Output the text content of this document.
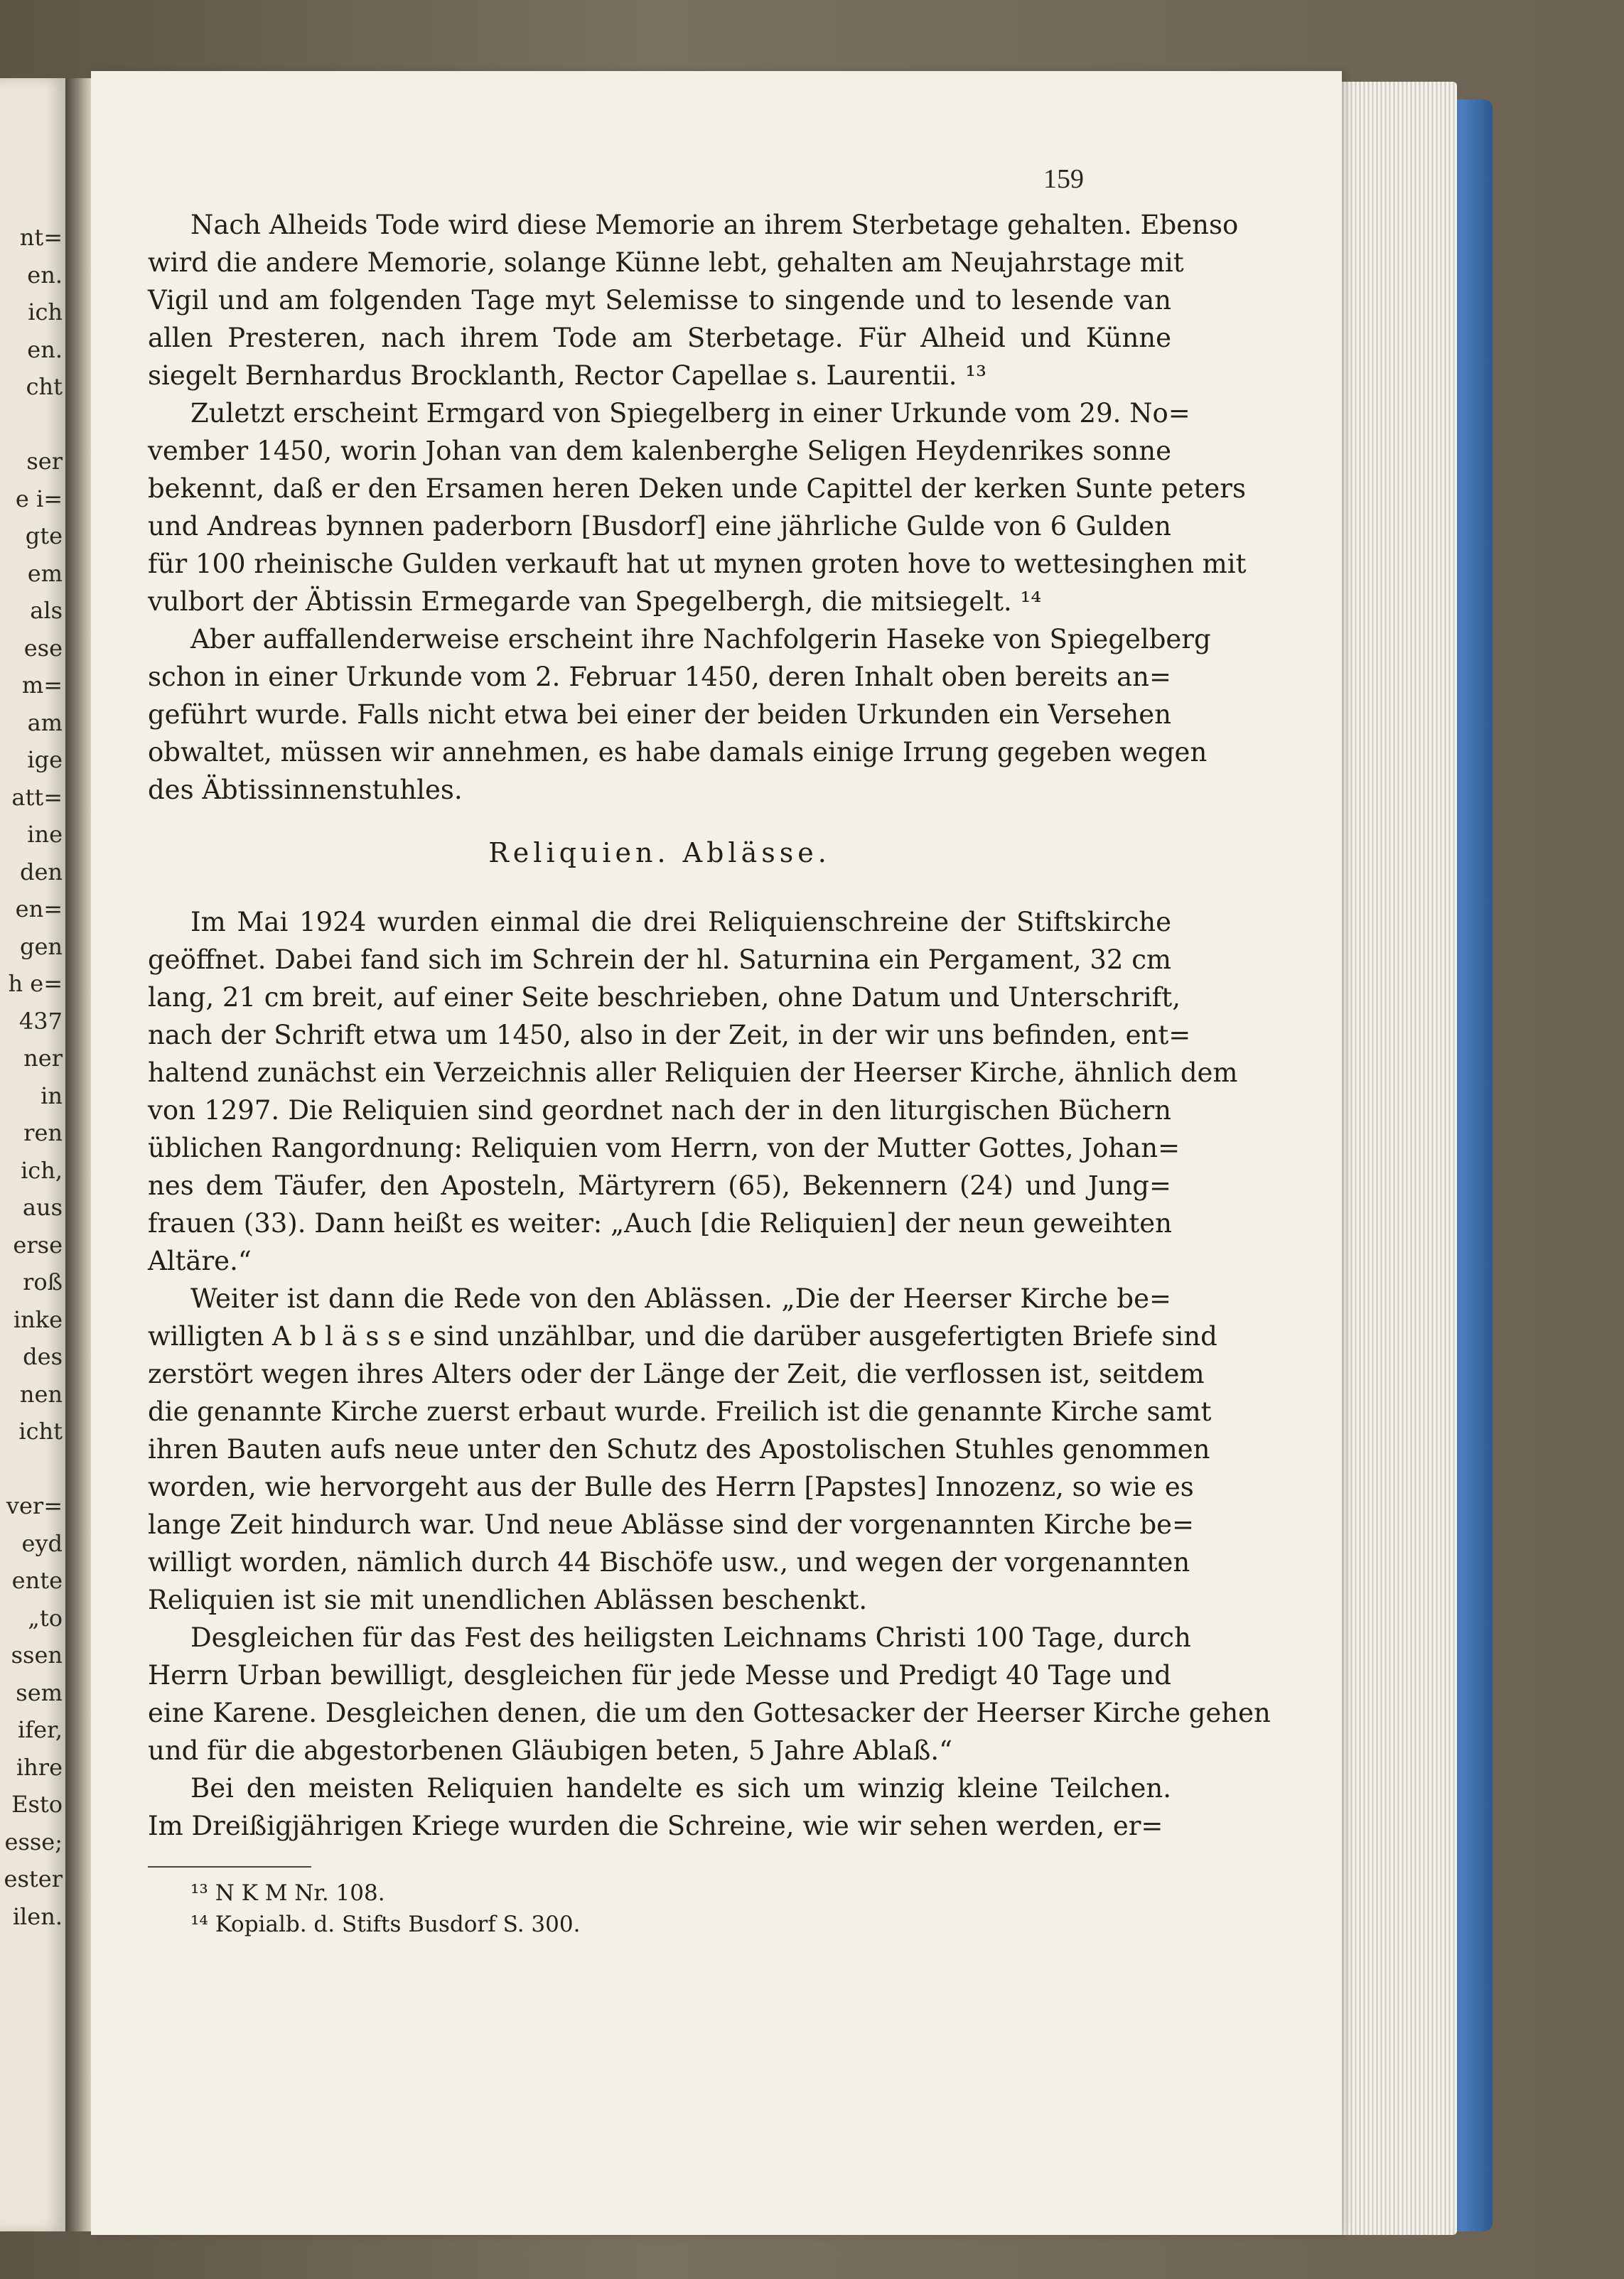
nt=
en.
ich
en.
cht
ser
e i=
gte
em
als
ese
m=
am
ige
att=
ine
den
en=
gen
h e=
437
ner
in
ren
ich,
aus
erse
roß
inke
des
nen
icht
ver=
eyd
ente
„to
ssen
sem
ifer,
ihre
Esto
esse;
ester
ilen.
159
Nach Alheids Tode wird diese Memorie an ihrem Sterbetage gehalten. Ebenso
wird die andere Memorie, solange Künne lebt, gehalten am Neujahrstage mit
Vigil und am folgenden Tage myt Selemisse to singende und to lesende van
allen Presteren, nach ihrem Tode am Sterbetage. Für Alheid und Künne
siegelt Bernhardus Brocklanth, Rector Capellae s. Laurentii. ¹³
Zuletzt erscheint Ermgard von Spiegelberg in einer Urkunde vom 29. No=
vember 1450, worin Johan van dem kalenberghe Seligen Heydenrikes sonne
bekennt, daß er den Ersamen heren Deken unde Capittel der kerken Sunte peters
und Andreas bynnen paderborn [Busdorf] eine jährliche Gulde von 6 Gulden
für 100 rheinische Gulden verkauft hat ut mynen groten hove to wettesinghen mit
vulbort der Äbtissin Ermegarde van Spegelbergh, die mitsiegelt. ¹⁴
Aber auffallenderweise erscheint ihre Nachfolgerin Haseke von Spiegelberg
schon in einer Urkunde vom 2. Februar 1450, deren Inhalt oben bereits an=
geführt wurde. Falls nicht etwa bei einer der beiden Urkunden ein Versehen
obwaltet, müssen wir annehmen, es habe damals einige Irrung gegeben wegen
des Äbtissinnenstuhles.
Reliquien. Ablässe.
Im Mai 1924 wurden einmal die drei Reliquienschreine der Stiftskirche
geöffnet. Dabei fand sich im Schrein der hl. Saturnina ein Pergament, 32 cm
lang, 21 cm breit, auf einer Seite beschrieben, ohne Datum und Unterschrift,
nach der Schrift etwa um 1450, also in der Zeit, in der wir uns befinden, ent=
haltend zunächst ein Verzeichnis aller Reliquien der Heerser Kirche, ähnlich dem
von 1297. Die Reliquien sind geordnet nach der in den liturgischen Büchern
üblichen Rangordnung: Reliquien vom Herrn, von der Mutter Gottes, Johan=
nes dem Täufer, den Aposteln, Märtyrern (65), Bekennern (24) und Jung=
frauen (33). Dann heißt es weiter: „Auch [die Reliquien] der neun geweihten
Altäre.“
Weiter ist dann die Rede von den Ablässen. „Die der Heerser Kirche be=
willigten A b l ä s s e sind unzählbar, und die darüber ausgefertigten Briefe sind
zerstört wegen ihres Alters oder der Länge der Zeit, die verflossen ist, seitdem
die genannte Kirche zuerst erbaut wurde. Freilich ist die genannte Kirche samt
ihren Bauten aufs neue unter den Schutz des Apostolischen Stuhles genommen
worden, wie hervorgeht aus der Bulle des Herrn [Papstes] Innozenz, so wie es
lange Zeit hindurch war. Und neue Ablässe sind der vorgenannten Kirche be=
willigt worden, nämlich durch 44 Bischöfe usw., und wegen der vorgenannten
Reliquien ist sie mit unendlichen Ablässen beschenkt.
Desgleichen für das Fest des heiligsten Leichnams Christi 100 Tage, durch
Herrn Urban bewilligt, desgleichen für jede Messe und Predigt 40 Tage und
eine Karene. Desgleichen denen, die um den Gottesacker der Heerser Kirche gehen
und für die abgestorbenen Gläubigen beten, 5 Jahre Ablaß.“
Bei den meisten Reliquien handelte es sich um winzig kleine Teilchen.
Im Dreißigjährigen Kriege wurden die Schreine, wie wir sehen werden, er=
¹³ N K M Nr. 108.
¹⁴ Kopialb. d. Stifts Busdorf S. 300.
